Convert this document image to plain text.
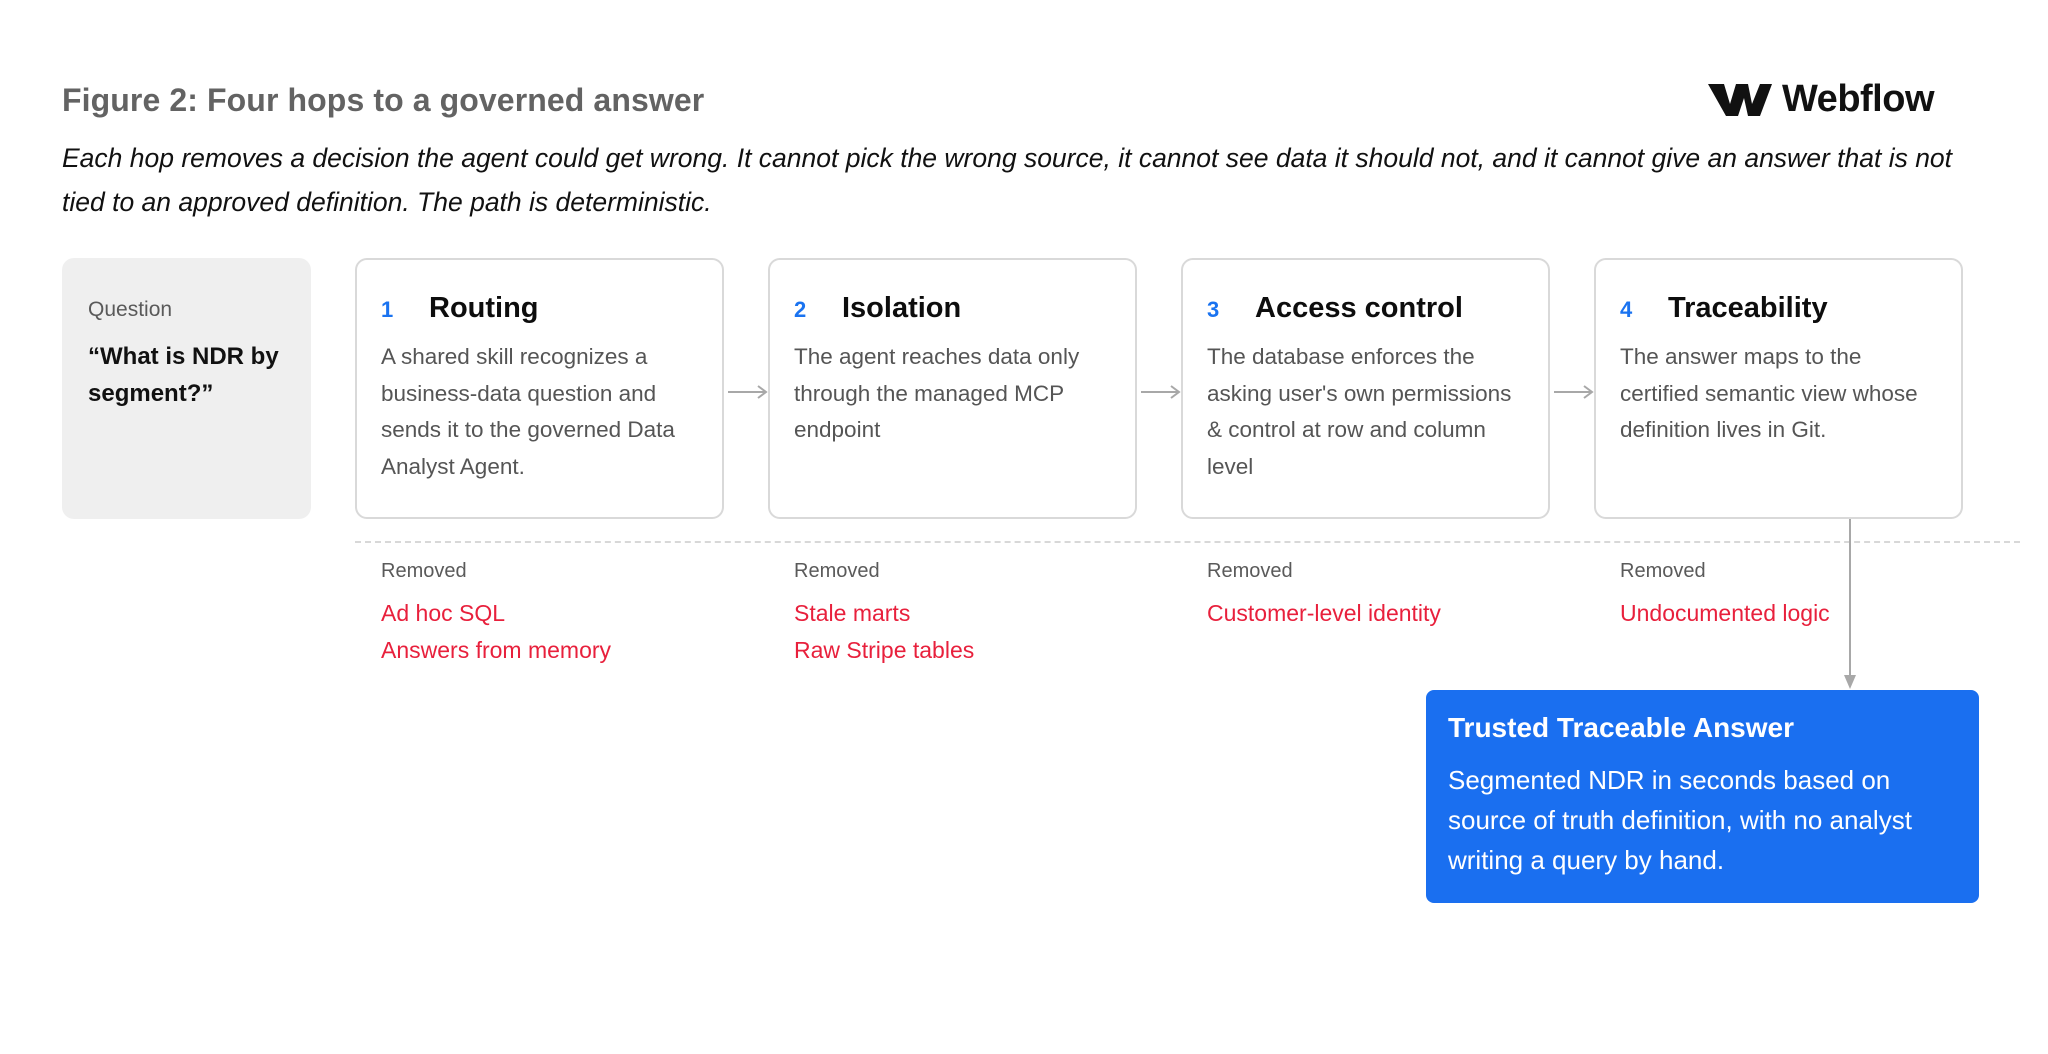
Figure 2: Four hops to a governed answer	Webflow
Each hop removes a decision the agent could get wrong. It cannot pick the wrong source, it cannot see data it should not, and it cannot give an answer that is not tied to an approved definition. The path is deterministic.
Question
“What is NDR by segment?”
1	Routing
A shared skill recognizes a business-data question and sends it to the governed Data Analyst Agent.
2	Isolation
The agent reaches data only through the managed MCP endpoint
3	Access control
The database enforces the asking user's own permissions & control at row and column level
4	Traceability
The answer maps to the certified semantic view whose definition lives in Git.
Removed
Ad hoc SQL
Answers from memory
Removed
Stale marts
Raw Stripe tables
Removed
Customer-level identity
Removed
Undocumented logic
Trusted Traceable Answer
Segmented NDR in seconds based on source of truth definition, with no analyst writing a query by hand.
